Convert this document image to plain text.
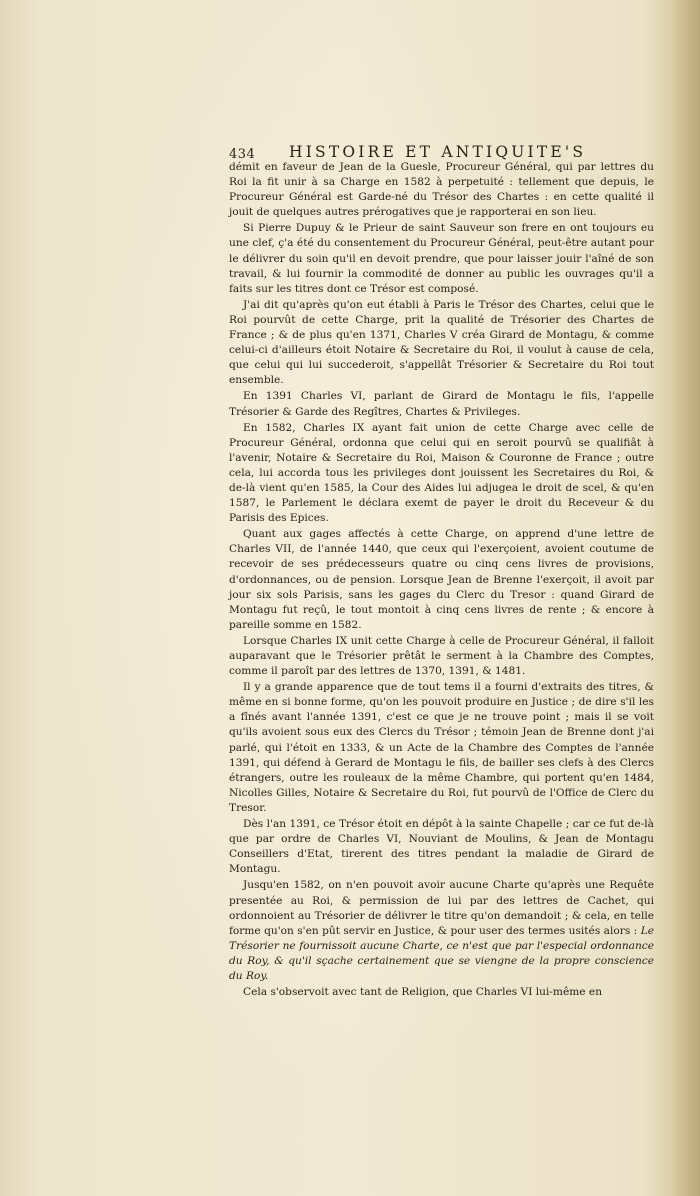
434 HISTOIRE ET ANTIQUITE'S

démit en faveur de Jean de la Guesle, Procureur Général, qui par lettres du Roi la fit unir à sa Charge en 1582 à perpetuité : tellement que depuis, le Procureur Général est Garde-né du Trésor des Chartes : en cette qualité il jouit de quelques autres prérogatives que je rapporterai en son lieu.

Si Pierre Dupuy & le Prieur de saint Sauveur son frere en ont toujours eu une clef, ç'a été du consentement du Procureur Général, peut-être autant pour le délivrer du soin qu'il en devoit prendre, que pour laisser jouir l'aîné de son travail, & lui fournir la commodité de donner au public les ouvrages qu'il a faits sur les titres dont ce Trésor est composé.

J'ai dit qu'après qu'on eut établi à Paris le Trésor des Chartes, celui que le Roi pourvût de cette Charge, prit la qualité de Trésorier des Chartes de France ; & de plus qu'en 1371, Charles V créa Girard de Montagu, & comme celui-ci d'ailleurs étoit Notaire & Secretaire du Roi, il voulut à cause de cela, que celui qui lui succederoit, s'appellât Trésorier & Secretaire du Roi tout ensemble.

En 1391 Charles VI, parlant de Girard de Montagu le fils, l'appelle Trésorier & Garde des Regîtres, Chartes & Privileges.

En 1582, Charles IX ayant fait union de cette Charge avec celle de Procureur Général, ordonna que celui qui en seroit pourvû se qualifiât à l'avenir, Notaire & Secretaire du Roi, Maison & Couronne de France ; outre cela, lui accorda tous les privileges dont jouissent les Secretaires du Roi, & de-là vient qu'en 1585, la Cour des Aides lui adjugea le droit de scel, & qu'en 1587, le Parlement le déclara exemt de payer le droit du Receveur & du Parisis des Epices.

Quant aux gages affectés à cette Charge, on apprend d'une lettre de Charles VII, de l'année 1440, que ceux qui l'exerçoient, avoient coutume de recevoir de ses prédecesseurs quatre ou cinq cens livres de provisions, d'ordonnances, ou de pension. Lorsque Jean de Brenne l'exerçoit, il avoit par jour six sols Parisis, sans les gages du Clerc du Tresor : quand Girard de Montagu fut reçû, le tout montoit à cinq cens livres de rente ; & encore à pareille somme en 1582.

Lorsque Charles IX unit cette Charge à celle de Procureur Général, il falloit auparavant que le Trésorier prêtât le serment à la Chambre des Comptes, comme il paroît par des lettres de 1370, 1391, & 1481.

Il y a grande apparence que de tout tems il a fourni d'extraits des titres, & même en si bonne forme, qu'on les pouvoit produire en Justice ; de dire s'il les a fînés avant l'année 1391, c'est ce que je ne trouve point ; mais il se voit qu'ils avoient sous eux des Clercs du Trésor ; témoin Jean de Brenne dont j'ai parlé, qui l'étoit en 1333, & un Acte de la Chambre des Comptes de l'année 1391, qui défend à Gerard de Montagu le fils, de bailler ses clefs à des Clercs étrangers, outre les rouleaux de la même Chambre, qui portent qu'en 1484, Nicolles Gilles, Notaire & Secretaire du Roi, fut pourvû de l'Office de Clerc du Tresor.

Dès l'an 1391, ce Trésor étoit en dépôt à la sainte Chapelle ; car ce fut de-là que par ordre de Charles VI, Nouviant de Moulins, & Jean de Montagu Conseillers d'Etat, tirerent des titres pendant la maladie de Girard de Montagu.

Jusqu'en 1582, on n'en pouvoit avoir aucune Charte qu'après une Requête presentée au Roi, & permission de lui par des lettres de Cachet, qui ordonnoient au Trésorier de délivrer le titre qu'on demandoit ; & cela, en telle forme qu'on s'en pût servir en Justice, & pour user des termes usités alors : Le Trésorier ne fournissoit aucune Charte, ce n'est que par l'especial ordonnance du Roy, & qu'il sçache certainement que se viengne de la propre conscience du Roy.

Cela s'observoit avec tant de Religion, que Charles VI lui-même en
